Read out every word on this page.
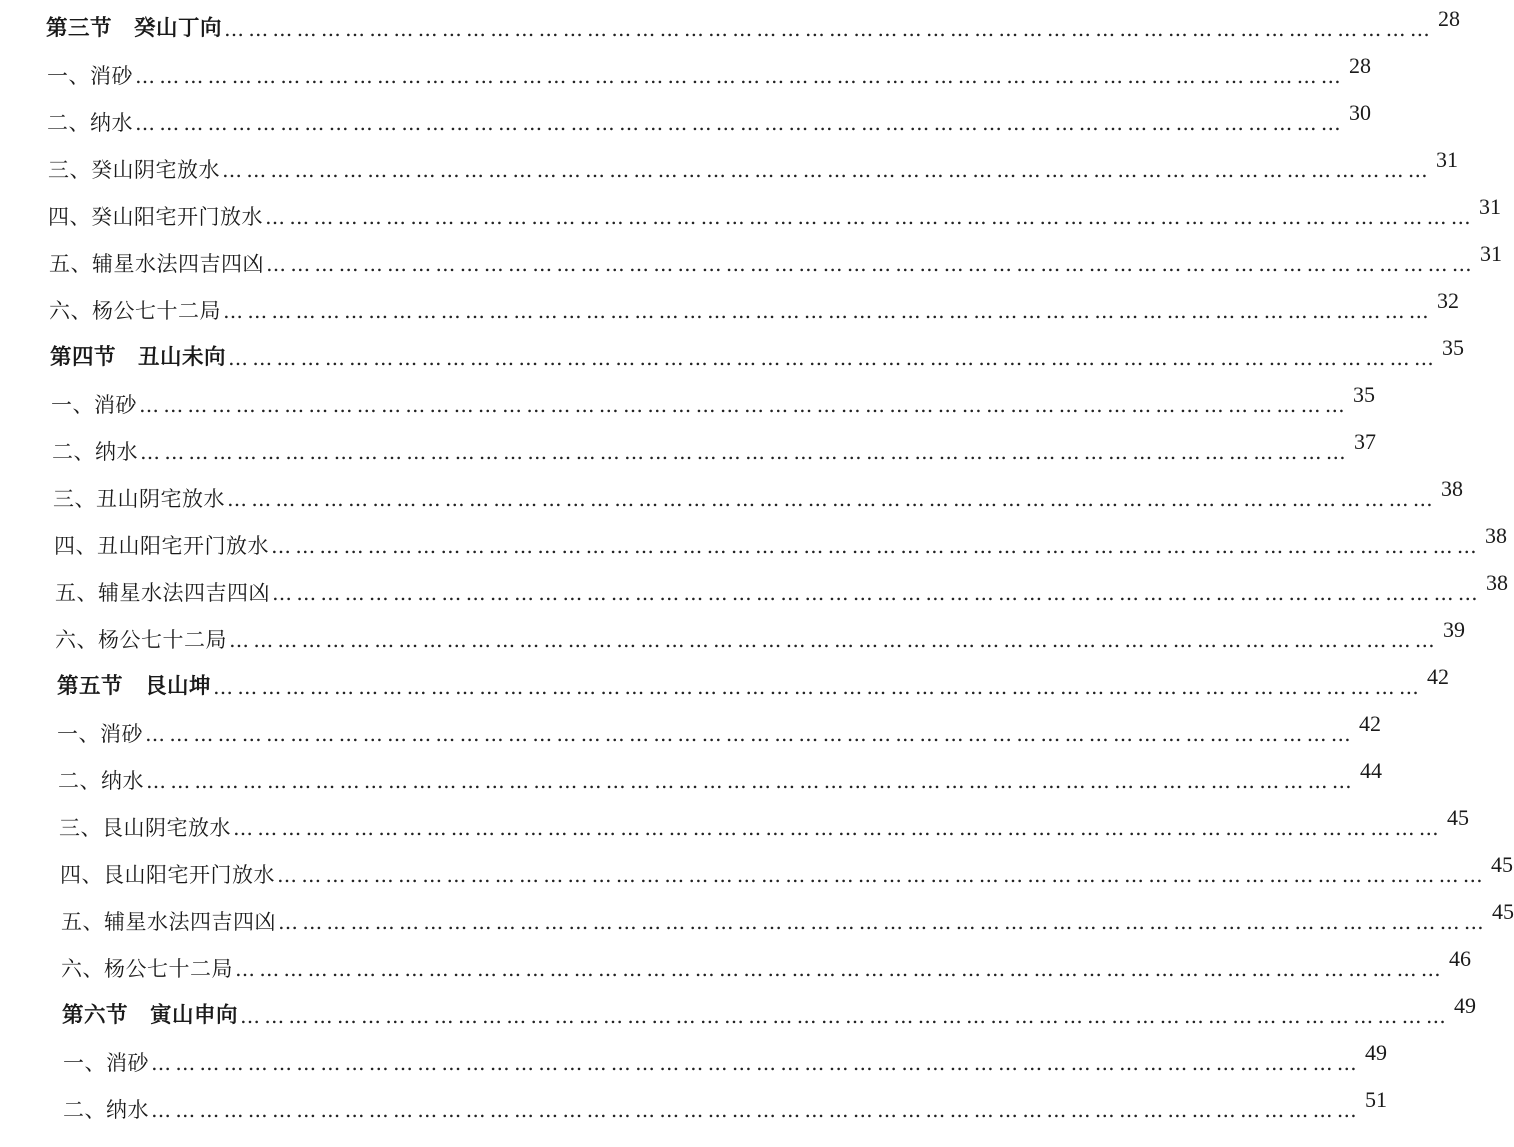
第三节　癸山丁向 …………………………………………………………………………………………………………………………………… 28
一、消砂 …………………………………………………………………………………………………………………………………… 28
二、纳水 …………………………………………………………………………………………………………………………………… 30
三、癸山阴宅放水 …………………………………………………………………………………………………………………………………… 31
四、癸山阳宅开门放水 …………………………………………………………………………………………………………………………………… 31
五、辅星水法四吉四凶 …………………………………………………………………………………………………………………………………… 31
六、杨公七十二局 …………………………………………………………………………………………………………………………………… 32
第四节　丑山未向 …………………………………………………………………………………………………………………………………… 35
一、消砂 …………………………………………………………………………………………………………………………………… 35
二、纳水 …………………………………………………………………………………………………………………………………… 37
三、丑山阴宅放水 …………………………………………………………………………………………………………………………………… 38
四、丑山阳宅开门放水 …………………………………………………………………………………………………………………………………… 38
五、辅星水法四吉四凶 …………………………………………………………………………………………………………………………………… 38
六、杨公七十二局 …………………………………………………………………………………………………………………………………… 39
第五节　艮山坤 …………………………………………………………………………………………………………………………………… 42
一、消砂 …………………………………………………………………………………………………………………………………… 42
二、纳水 …………………………………………………………………………………………………………………………………… 44
三、艮山阴宅放水 …………………………………………………………………………………………………………………………………… 45
四、艮山阳宅开门放水 …………………………………………………………………………………………………………………………………… 45
五、辅星水法四吉四凶 …………………………………………………………………………………………………………………………………… 45
六、杨公七十二局 …………………………………………………………………………………………………………………………………… 46
第六节　寅山申向 …………………………………………………………………………………………………………………………………… 49
一、消砂 …………………………………………………………………………………………………………………………………… 49
二、纳水 …………………………………………………………………………………………………………………………………… 51
